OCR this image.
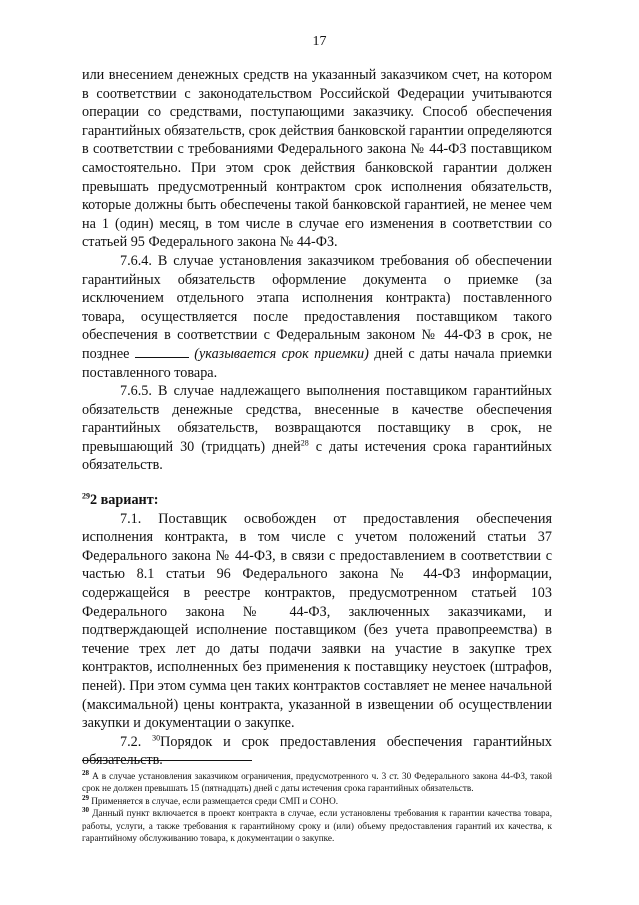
17

или внесением денежных средств на указанный заказчиком счет, на котором в соответствии с законодательством Российской Федерации учитываются операции со средствами, поступающими заказчику. Способ обеспечения гарантийных обязательств, срок действия банковской гарантии определяются в соответствии с требованиями Федерального закона № 44-ФЗ поставщиком самостоятельно. При этом срок действия банковской гарантии должен превышать предусмотренный контрактом срок исполнения обязательств, которые должны быть обеспечены такой банковской гарантией, не менее чем на 1 (один) месяц, в том числе в случае его изменения в соответствии со статьей 95 Федерального закона № 44-ФЗ.

7.6.4. В случае установления заказчиком требования об обеспечении гарантийных обязательств оформление документа о приемке (за исключением отдельного этапа исполнения контракта) поставленного товара, осуществляется после предоставления поставщиком такого обеспечения в соответствии с Федеральным законом № 44-ФЗ в срок, не позднее	(указывается срок приемки) дней с даты начала приемки поставленного товара.

7.6.5. В случае надлежащего выполнения поставщиком гарантийных обязательств денежные средства, внесенные в качестве обеспечения гарантийных обязательств, возвращаются поставщику в срок, не превышающий 30 (тридцать) дней$^{28}$ с даты истечения срока гарантийных обязательств.

$^{29}$2 вариант:

7.1. Поставщик освобожден от предоставления обеспечения исполнения контракта, в том числе с учетом положений статьи 37 Федерального закона № 44-ФЗ, в связи с предоставлением в соответствии с частью 8.1 статьи 96 Федерального закона № 44-ФЗ информации, содержащейся в реестре контрактов, предусмотренном статьей 103 Федерального закона № 44-ФЗ, заключенных заказчиками, и подтверждающей исполнение поставщиком (без учета правопреемства) в течение трех лет до даты подачи заявки на участие в закупке трех контрактов, исполненных без применения к поставщику неустоек (штрафов, пеней). При этом сумма цен таких контрактов составляет не менее начальной (максимальной) цены контракта, указанной в извещении об осуществлении закупки и документации о закупке.

7.2. $^{30}$Порядок и срок предоставления обеспечения гарантийных обязательств.

$^{28}$ А в случае установления заказчиком ограничения, предусмотренного ч. 3 ст. 30 Федерального закона 44-ФЗ, такой срок не должен превышать 15 (пятнадцать) дней с даты истечения срока гарантийных обязательств.

$^{29}$ Применяется в случае, если размещается среди СМП и СОНО.

$^{30}$ Данный пункт включается в проект контракта в случае, если установлены требования к гарантии качества товара, работы, услуги, а также требования к гарантийному сроку и (или) объему предоставления гарантий их качества, к гарантийному обслуживанию товара, к документации о закупке.
